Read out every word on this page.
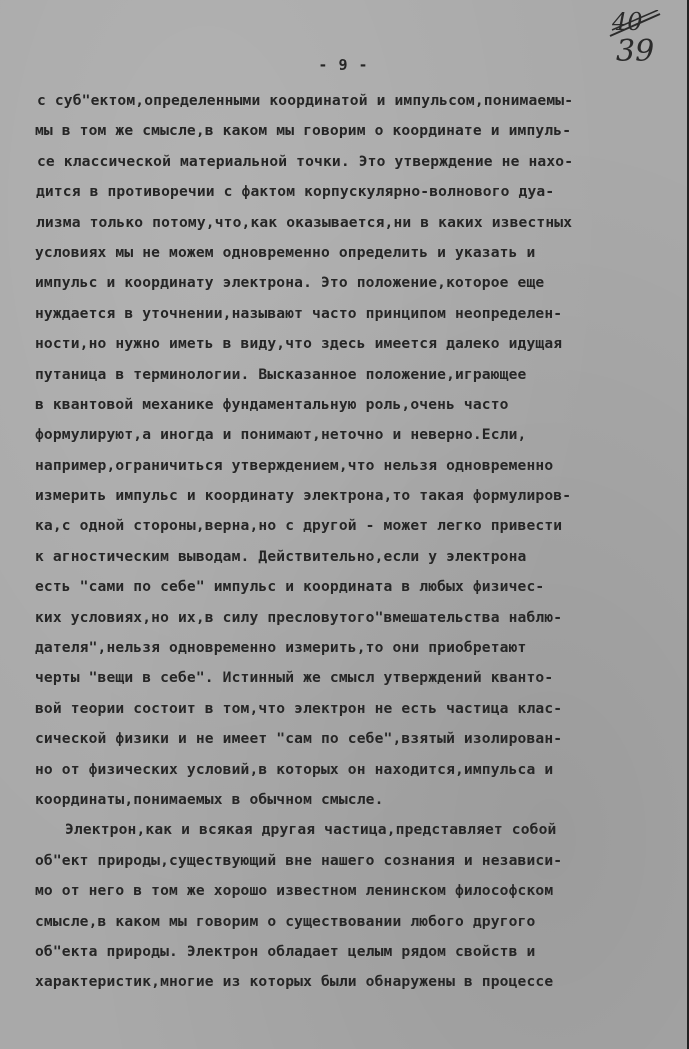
40
39
- 9 -
с суб"ектом,определенными координатой и импульсом,понимаемы-
мы в том же смысле,в каком мы говорим о координате и импуль-
се классической материальной точки. Это утверждение не нахо-
дится в противоречии с фактом корпускулярно-волнового дуа-
лизма только потому,что,как оказывается,ни в каких известных
условиях мы не можем одновременно определить и указать и
импульс и координату электрона. Это положение,которое еще
нуждается в уточнении,называют часто принципом неопределен-
ности,но нужно иметь в виду,что здесь имеется далеко идущая
путаница в терминологии. Высказанное положение,играющее
в квантовой механике фундаментальную роль,очень часто
формулируют,а иногда и понимают,неточно и неверно.Если,
например,ограничиться утверждением,что нельзя одновременно
измерить импульс и координату электрона,то такая формулиров-
ка,с одной стороны,верна,но с другой - может легко привести
к агностическим выводам. Действительно,если у электрона
есть "сами по себе" импульс и координата в любых физичес-
ких условиях,но их,в силу пресловутого"вмешательства наблю-
дателя",нельзя одновременно измерить,то они приобретают
черты "вещи в себе". Истинный же смысл утверждений кванто-
вой теории состоит в том,что электрон не есть частица клас-
сической физики и не имеет "сам по себе",взятый изолирован-
но от физических условий,в которых он находится,импульса и
координаты,понимаемых в обычном смысле.
Электрон,как и всякая другая частица,представляет собой
об"ект природы,существующий вне нашего сознания и независи-
мо от него в том же хорошо известном ленинском философском
смысле,в каком мы говорим о существовании любого другого
об"екта природы. Электрон обладает целым рядом свойств и
характеристик,многие из которых были обнаружены в процессе
